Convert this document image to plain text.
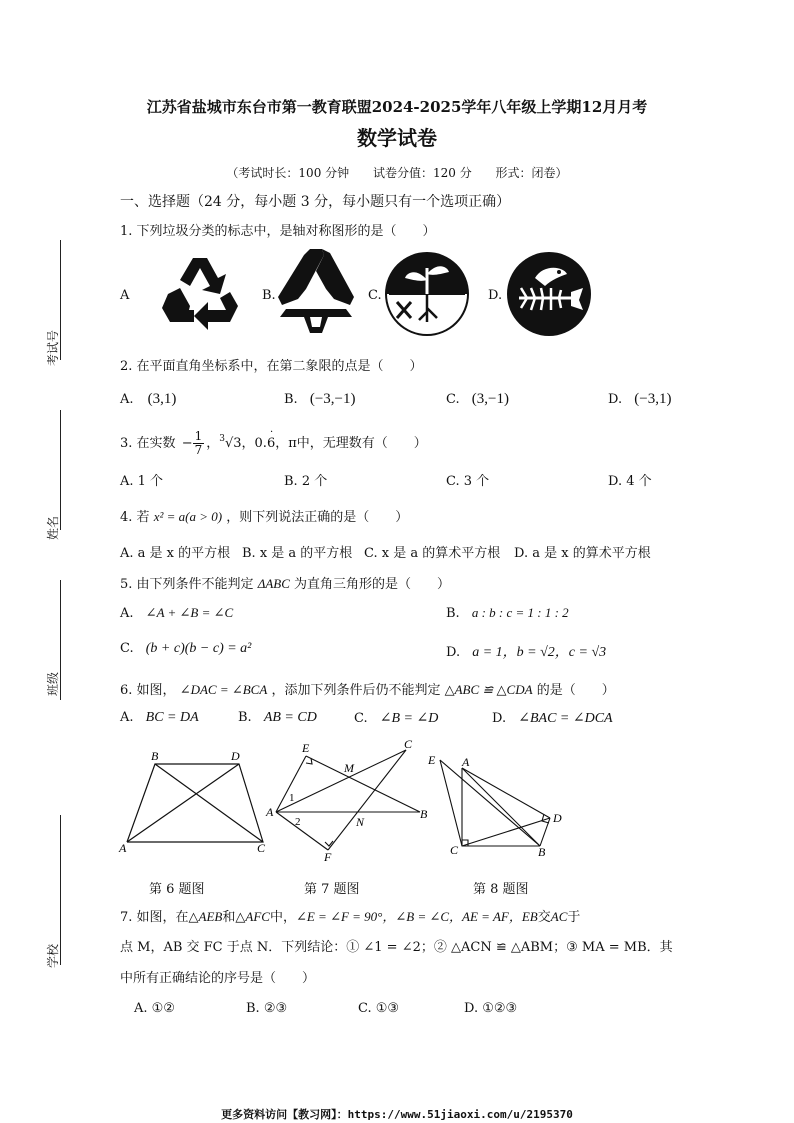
考试号
姓名
班级
学校
江苏省盐城市东台市第一教育联盟2024-2025学年八年级上学期12月月考
数学试卷
（考试时长：100 分钟 试卷分值：120 分 形式：闭卷）
一、选择题（24 分，每小题 3 分，每小题只有一个选项正确）
1. 下列垃圾分类的标志中，是轴对称图形的是（　　）
A	B.	C.	D.
2. 在平面直角坐标系中，在第二象限的点是（　　）
A. (3,1)	B. (−3,−1)	C. (3,−1)	D. (−3,1)
3. 在实数 − $\frac{1}{7}$ ，$^3$√3，0.6
·
，π中，无理数有（　　）
A. 1 个	B. 2 个	C. 3 个	D. 4 个
4. 若 x² = a(a > 0) ，则下列说法正确的是（　　）
A. a 是 x 的平方根 B. x 是 a 的平方根 C. x 是 a 的算术平方根 D. a 是 x 的算术平方根
5. 由下列条件不能判定 ΔABC 为直角三角形的是（　　）
A. ∠A + ∠B = ∠C	B. a : b : c = 1 : 1 : 2
C. (b + c)(b − c) = a²	D. a = 1，b = √2，c = √3
6. 如图， ∠DAC = ∠BCA ，添加下列条件后仍不能判定 △ABC ≌ △CDA 的是（　　）
A. BC = DA	B. AB = CD	C. ∠B = ∠D	D. ∠BAC = ∠DCA
B	D
A	C
E	C
M
A
1
2	N
B
F
E A
D
C	B
第 6 题图	第 7 题图	第 8 题图
7. 如图，在△AEB和△AFC中，∠E = ∠F = 90°，∠B = ∠C，AE = AF，EB交AC于
点 M，AB 交 FC 于点 N．下列结论：① ∠1 = ∠2；② △ACN ≌ △ABM；③ MA = MB．其
中所有正确结论的序号是（　　）
A. ①②	B. ②③	C. ①③	D. ①②③
更多资料访问【教习网】：https://www.51jiaoxi.com/u/2195370
